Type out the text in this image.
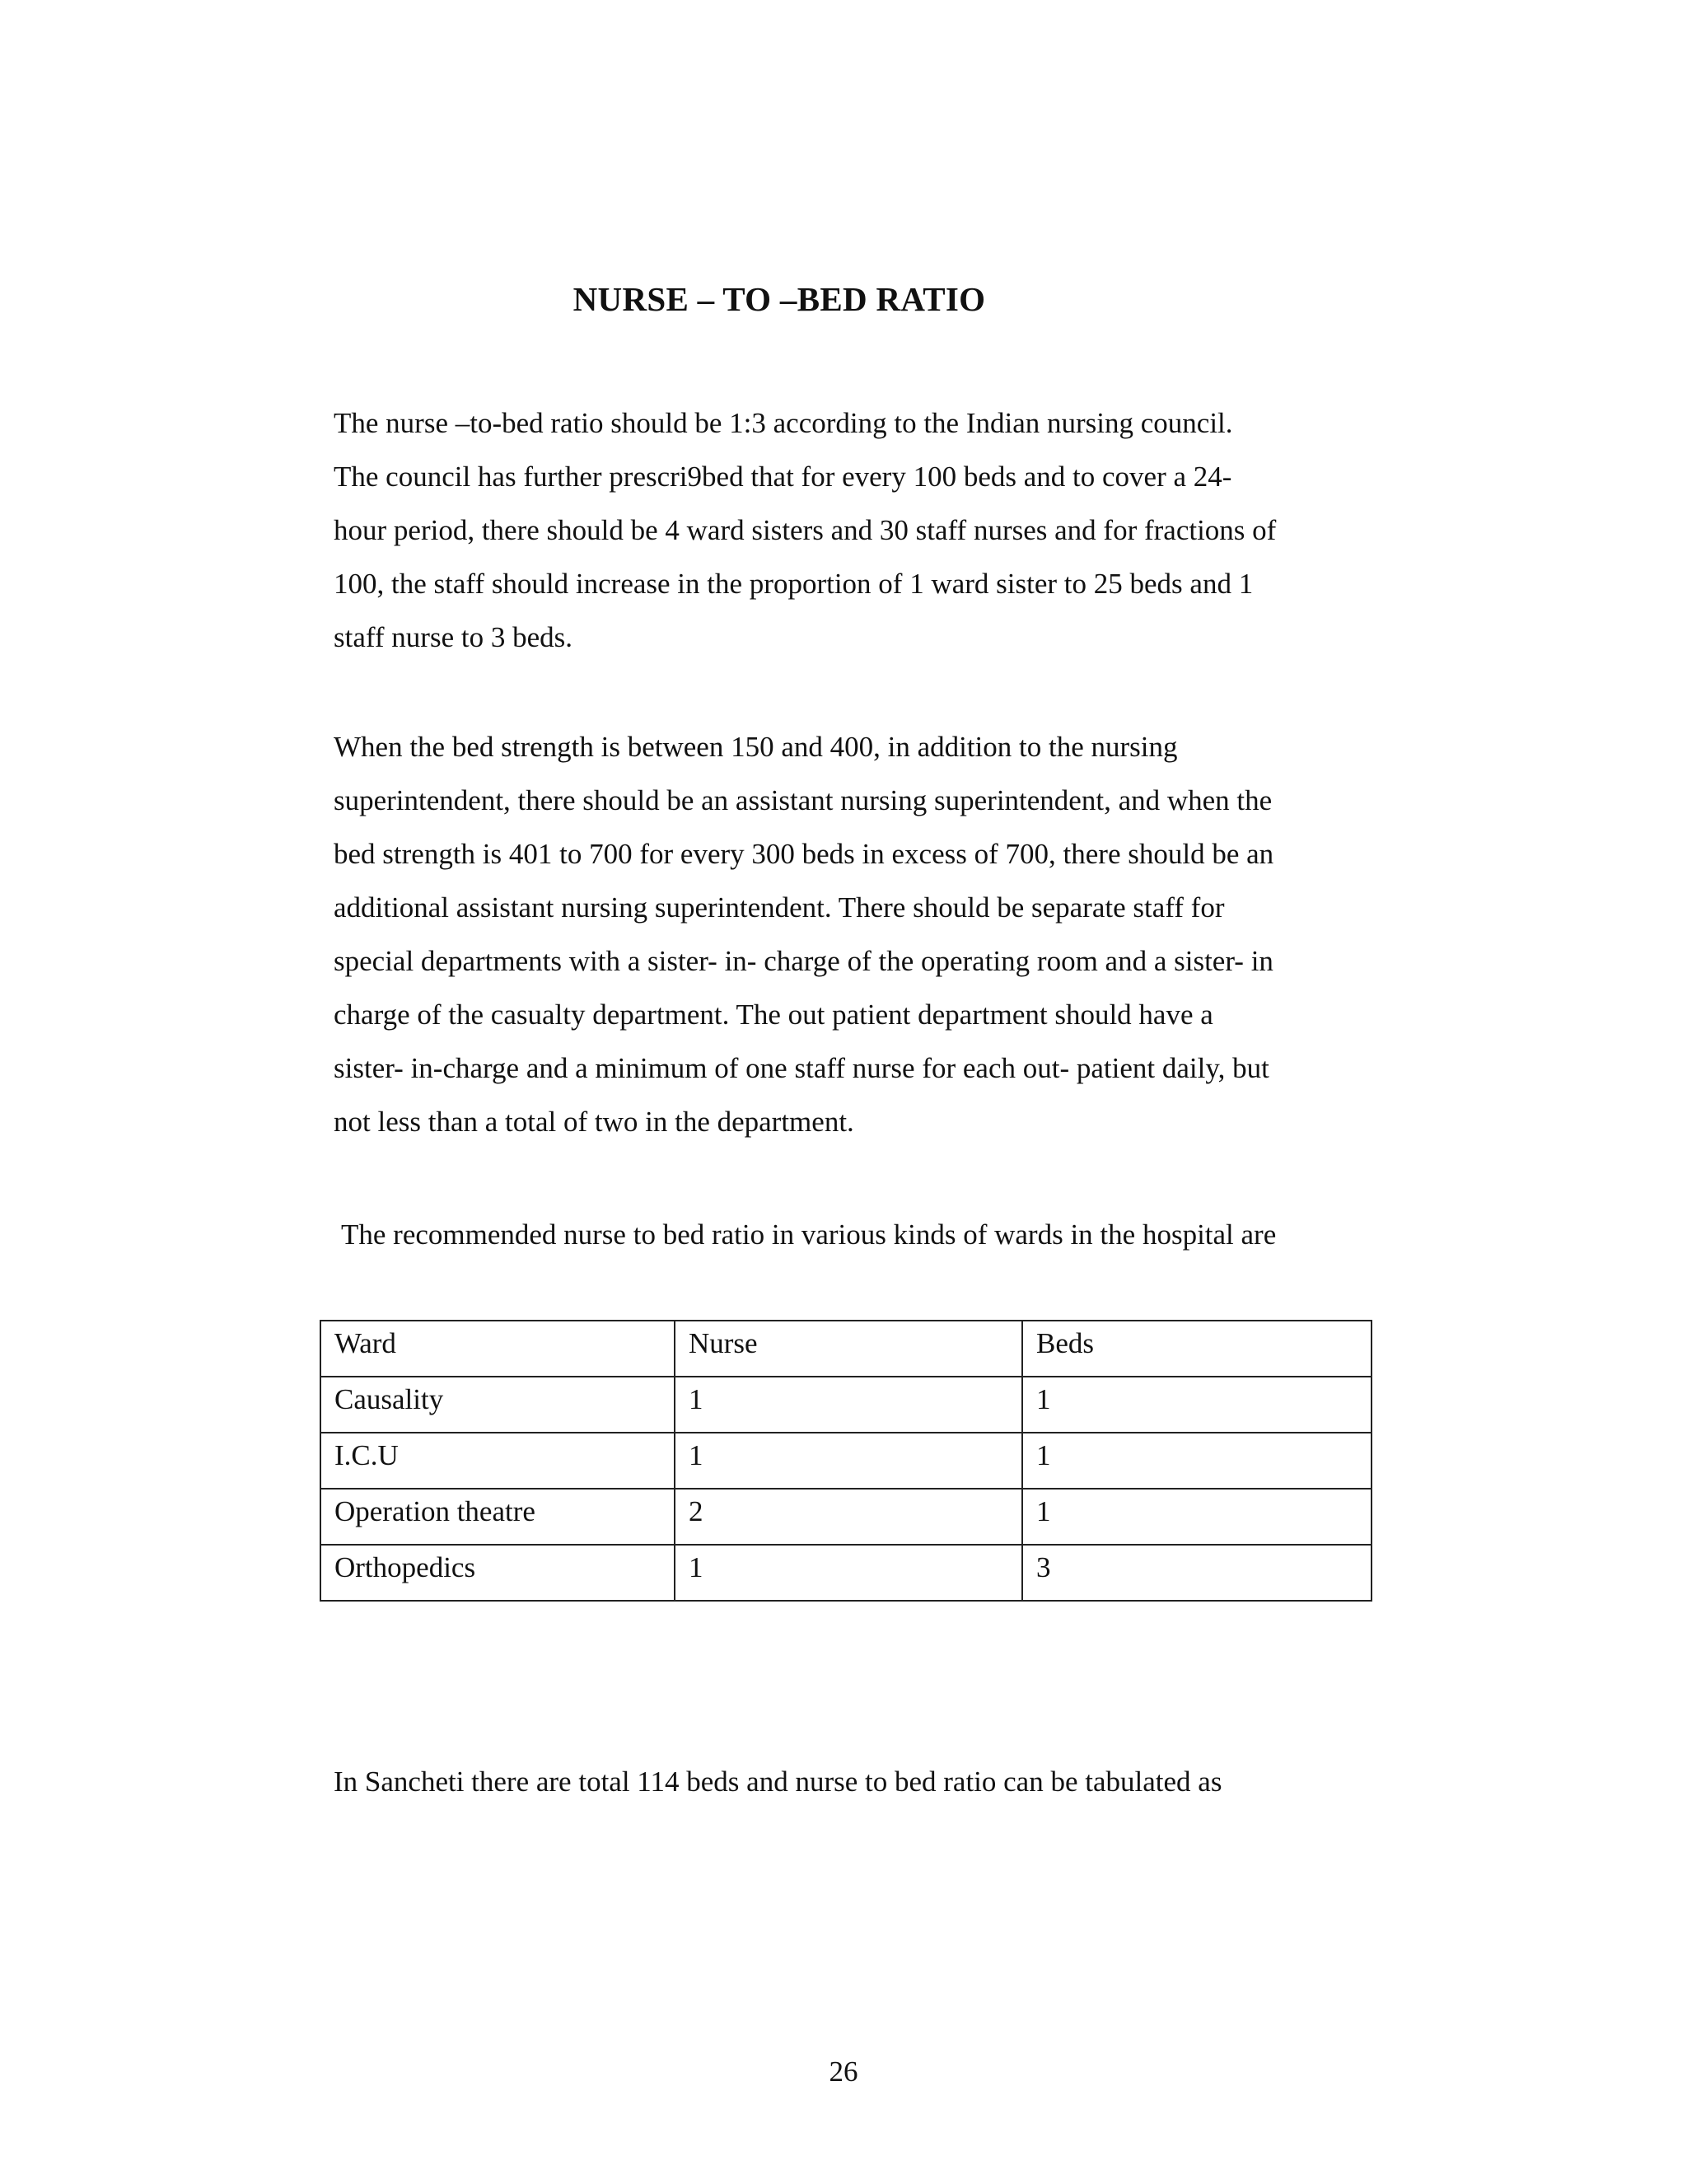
NURSE – TO –BED RATIO

The nurse –to-bed ratio should be 1:3 according to the Indian nursing council.
The council has further prescri9bed that for every 100 beds and to cover a 24-
hour period, there should be 4 ward sisters and 30 staff nurses and for fractions of
100, the staff should increase in the proportion of 1 ward sister to 25 beds and 1
staff nurse to 3 beds.

When the bed strength is between 150 and 400, in addition to the nursing
superintendent, there should be an assistant nursing superintendent, and when the
bed strength is 401 to 700 for every 300 beds in excess of 700, there should be an
additional assistant nursing superintendent. There should be separate staff for
special departments with a sister- in- charge of the operating room and a sister- in
charge of the casualty department. The out patient department should have a
sister- in-charge and a minimum of one staff nurse for each out- patient daily, but
not less than a total of two in the department.

The recommended nurse to bed ratio in various kinds of wards in the hospital are

Ward	Nurse	Beds
Causality	1	1
I.C.U	1	1
Operation theatre	2	1
Orthopedics	1	3

In Sancheti there are total 114 beds and nurse to bed ratio can be tabulated as

26
